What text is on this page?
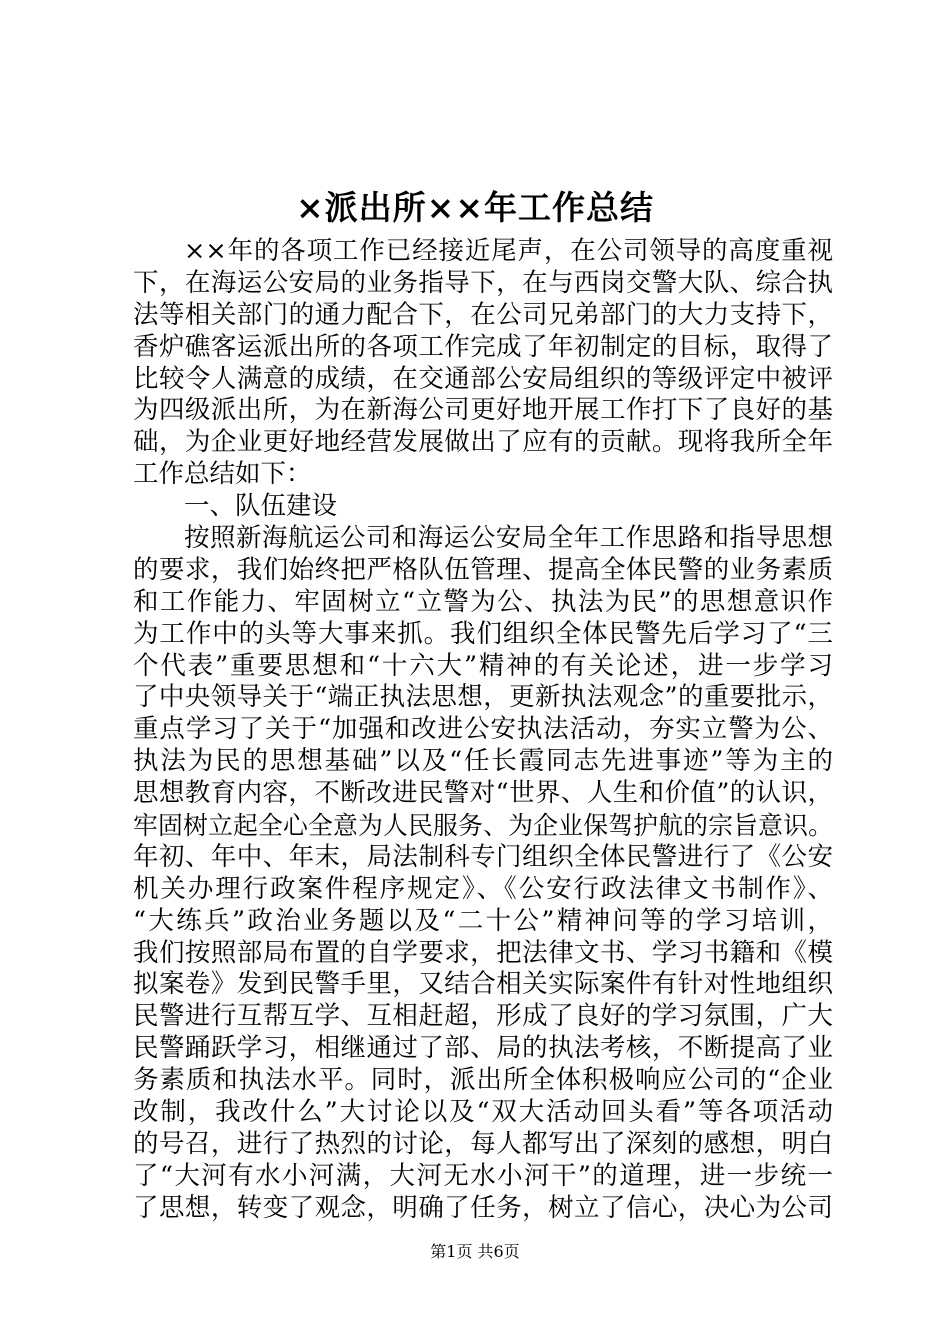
×派出所××年工作总结
××年的各项工作已经接近尾声，在公司领导的高度重视
下，在海运公安局的业务指导下，在与西岗交警大队、综合执
法等相关部门的通力配合下，在公司兄弟部门的大力支持下，
香炉礁客运派出所的各项工作完成了年初制定的目标，取得了
比较令人满意的成绩，在交通部公安局组织的等级评定中被评
为四级派出所，为在新海公司更好地开展工作打下了良好的基
础，为企业更好地经营发展做出了应有的贡献。现将我所全年
工作总结如下：
一、队伍建设
按照新海航运公司和海运公安局全年工作思路和指导思想
的要求，我们始终把严格队伍管理、提高全体民警的业务素质
和工作能力、牢固树立“立警为公、执法为民”的思想意识作
为工作中的头等大事来抓。我们组织全体民警先后学习了“三
个代表”重要思想和“十六大”精神的有关论述，进一步学习
了中央领导关于“端正执法思想，更新执法观念”的重要批示，
重点学习了关于“加强和改进公安执法活动，夯实立警为公、
执法为民的思想基础”以及“任长霞同志先进事迹”等为主的
思想教育内容，不断改进民警对“世界、人生和价值”的认识，
牢固树立起全心全意为人民服务、为企业保驾护航的宗旨意识。
年初、年中、年末，局法制科专门组织全体民警进行了《公安
机关办理行政案件程序规定》、《公安行政法律文书制作》、
“大练兵”政治业务题以及“二十公”精神问等的学习培训，
我们按照部局布置的自学要求，把法律文书、学习书籍和《模
拟案卷》发到民警手里，又结合相关实际案件有针对性地组织
民警进行互帮互学、互相赶超，形成了良好的学习氛围，广大
民警踊跃学习，相继通过了部、局的执法考核，不断提高了业
务素质和执法水平。同时，派出所全体积极响应公司的“企业
改制，我改什么”大讨论以及“双大活动回头看”等各项活动
的号召，进行了热烈的讨论，每人都写出了深刻的感想，明白
了“大河有水小河满，大河无水小河干”的道理，进一步统一
了思想，转变了观念，明确了任务，树立了信心，决心为公司
第1页 共6页
